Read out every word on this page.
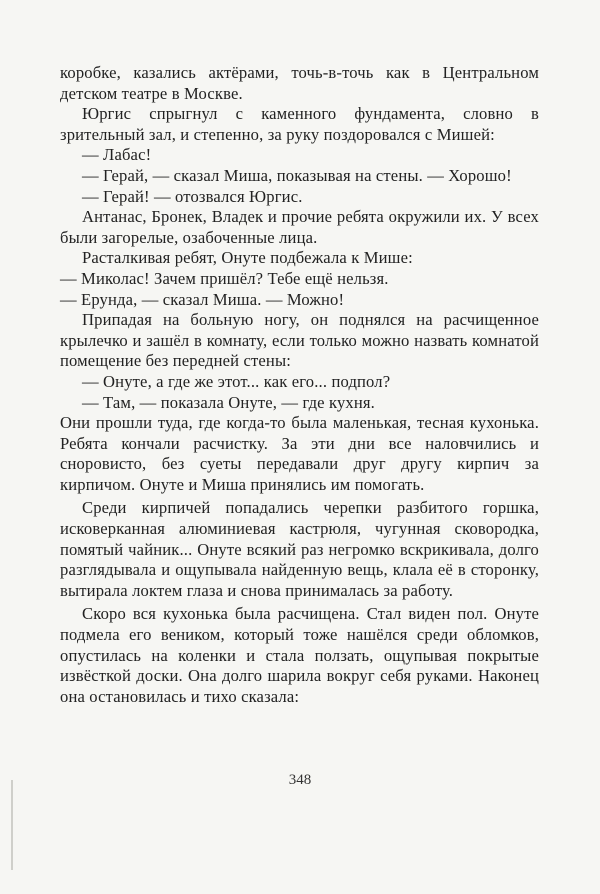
коробке, казались актёрами, точь-в-точь как в Центральном детском театре в Москве.

Юргис спрыгнул с каменного фундамента, словно в зрительный зал, и степенно, за руку поздоровался с Мишей:

— Лабас!

— Герай, — сказал Миша, показывая на стены. — Хорошо!

— Герай! — отозвался Юргис.

Антанас, Бронек, Владек и прочие ребята окружили их. У всех были загорелые, озабоченные лица.

Расталкивая ребят, Онуте подбежала к Мише:

— Миколас! Зачем пришёл? Тебе ещё нельзя.

— Ерунда, — сказал Миша. — Можно!

Припадая на больную ногу, он поднялся на расчищенное крылечко и зашёл в комнату, если только можно назвать комнатой помещение без передней стены:

— Онуте, а где же этот... как его... подпол?

— Там, — показала Онуте, — где кухня.

Они прошли туда, где когда-то была маленькая, тесная кухонька. Ребята кончали расчистку. За эти дни все наловчились и сноровисто, без суеты передавали друг другу кирпич за кирпичом. Онуте и Миша принялись им помогать.

Среди кирпичей попадались черепки разбитого горшка, исковерканная алюминиевая кастрюля, чугунная сковородка, помятый чайник... Онуте всякий раз негромко вскрикивала, долго разглядывала и ощупывала найденную вещь, клала её в сторонку, вытирала локтем глаза и снова принималась за работу.

Скоро вся кухонька была расчищена. Стал виден пол. Онуте подмела его веником, который тоже нашёлся среди обломков, опустилась на коленки и стала ползать, ощупывая покрытые извёсткой доски. Она долго шарила вокруг себя руками. Наконец она остановилась и тихо сказала:

348
